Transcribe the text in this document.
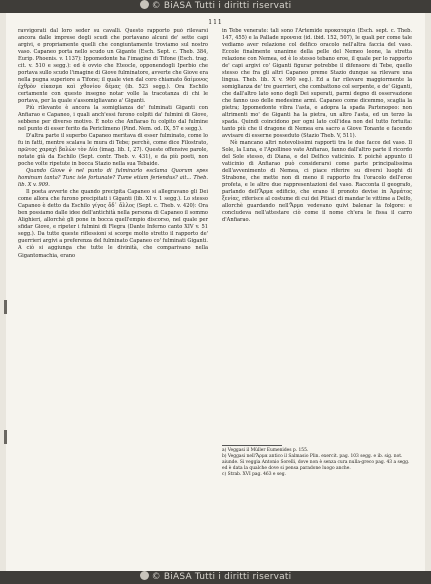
© BiASA Tutti i diritti riservati
111

ravvigorati dal loro seder su cavalli. Questo rapporto può rilevarsi ancora dalle imprese degli scudi che portavano alcuni de' sette capi argivi, e propriamente quelli che congiuntamente troviamo sul nostro vaso. Capaneo porta nello scudo un Gigante (Esch. Sept. c. Theb. 384, Eurip. Phoenis. v. 1137): Ippomedonte ha l'imagine di Tifone (Esch. trag. cit. v. 510 e segg.): ed è ovvio che Eteocle, opponendogli Iperbio che portava sullo scudo l'imagine di Giove fulminatore, avverte che Giove era nella pugna superiore a Tifone; il quale vien dal coro chiamato δαίμονος ἐχθρὸν εἰκασμα καὶ χθονίου δέμας (ib. 523 segg.). Ora Eschilo certamente con questo insegno notar volle la tracotanza di chi le portava, per la quale s'assomigliavano a' Giganti.

Più rilevante è ancora la somiglianza de' fulminati Giganti con Anfiarao e Capaneo, i quali anch'essi furono colpiti da' fulmini di Giove, sebbene per diverso motivo. È noto che Anfiarao fu colpito dal fulmine nel punto di esser ferito da Periclimeno (Pind. Nem. od. IX, 57 e segg.).

D'altra parte il superbo Capaneo meritava di esser fulminato, come lo fu in fatti, mentre scalava le mura di Tebe; perchè, come dice Filostrato, πρῶτος χαραχὶ βαλὼν τὸν Δία (imag. lib. I, 27). Queste offensive parole, notate già da Eschilo (Sept. contr. Theb. v. 431), e da più poeti, non poche volte ripetute in bocca Stazio nella sua Tebaide.

Quando Giove è nel punto di fulminarlo esclama Quorum spes hominum tanta? Tunc isle fortunate? Tume etiam feriendus? ait... Theb. lib. X v. 909.

Il poeta avverte che quando precipita Capaneo si allegravano gli Dei come allora che furono precipitati i Giganti (lib. XI v. 1 segg.). Lo stesso Capaneo è detto da Eschilo γίγας ὅδ᾽ ἄλλος (Sept. c. Theb. v. 420): Ora ben possiamo dalle idee dell'antichità nella persona di Capaneo il sommo Alighieri, allorchè gli pone in bocca quell'empio discorso, nel quale per sfidar Giove, e ripeter i fulmini di Flegra (Dante Inferno canto XIV v. 51 segg.). Da tutte queste riflessioni si scorge molto stretto il rapporto de' guerrieri argivi a preferenza del fulminato Capaneo co' fulminati Giganti. A ciò si aggiunga che tutte le divinità, che comparivano nella Gigantomachia, erano

in Tebe venerate: tali sono l'Artemide προκαταρία (Esch. sept. c. Theb. 147, 455) e la Pallade προναια (id. ibid. 152, 507), le quali per come tale vediamo aver relazione col delfico oracolo nell'altra faccia del vaso. Eccole finalmente unanime della pelle del Nemeo leone, la stretta relazione con Nemea, ed è lo stesso tebano eroe, il quale per lo rapporto de' capi argivi co' Giganti figurar potrebbe il difensore di Tebe, quello stesso che fra gli altri Capaneo preme Stazio dunque sa rilevare una lingua. Theb. lib. X v. 900 seg.). Ed a far rilevare maggiormente la somiglianza de' tre guerrieri, che combattono col serpente, e de' Giganti, che dall'altro lato sono degli Dei superati, parmi degno di osservazione che fanno uso delle medesime armi. Capaneo come dicemmo, scaglia la pietra; Ippomedonte vibra l'asta, e adopra la spada Partenopeo: non altrimenti mo' de Giganti ha la pietra, un altro l'asta, ed un terzo la spada. Quindi coincidono per ogni lato coll'idea non del tutto fortuita: tanto più che il dragone di Nemea era sacro a Giove Tonante e facendo avvisare di esserne posseduto (Stazio Theb. V, 511).

Nè mancano altri notevolissimi rapporti tra le due facce del vaso. Il Sole, la Luna, e l'Apollineo vate Anfiarao, fanno dall'altro parte il ricordo del Sole stesso, di Diana, e del Delfico vaticinio. E poichè appunto il vaticinio di Anfiarao può considerarsi come parte principalissima dell'avvenimento di Nemea, ci piace riferire su diversi luoghi di Strabone, che mette non di meno il rapporto fra l'oracolo dell'eroe profeta, e le altre due rappresentazioni del vaso. Racconta il geografo, parlando dell'Ἄρμα edificio, che erano il pronoto devise in Ἀρμάτος ξενίας, riferisce al costume di cui dei Pitiaci di mandar le vittime a Delfo, allorchè guardando nell'Ἄρμα vedevano quivi balenar la folgore: e concludeva nell'attestare ciò come il nome ch'era le fissa il carro d'Anfiarao.

a) Veggasi il Müller Eumenides p. 155.

b) Veggasi nell'Ἄρμα antico il Salmasio Plin. exercit. pag. 103 segg. e ib. sig. not. aiunde. Si veggia Antonio Sorelli, dove non è senza cura nulla-greco pag. 43 a segg. ed è data la qualche dove si pensa paradone luogo anche.

c) Strab. XVI pag. 463 e seg.

© BiASA Tutti i diritti riservati
